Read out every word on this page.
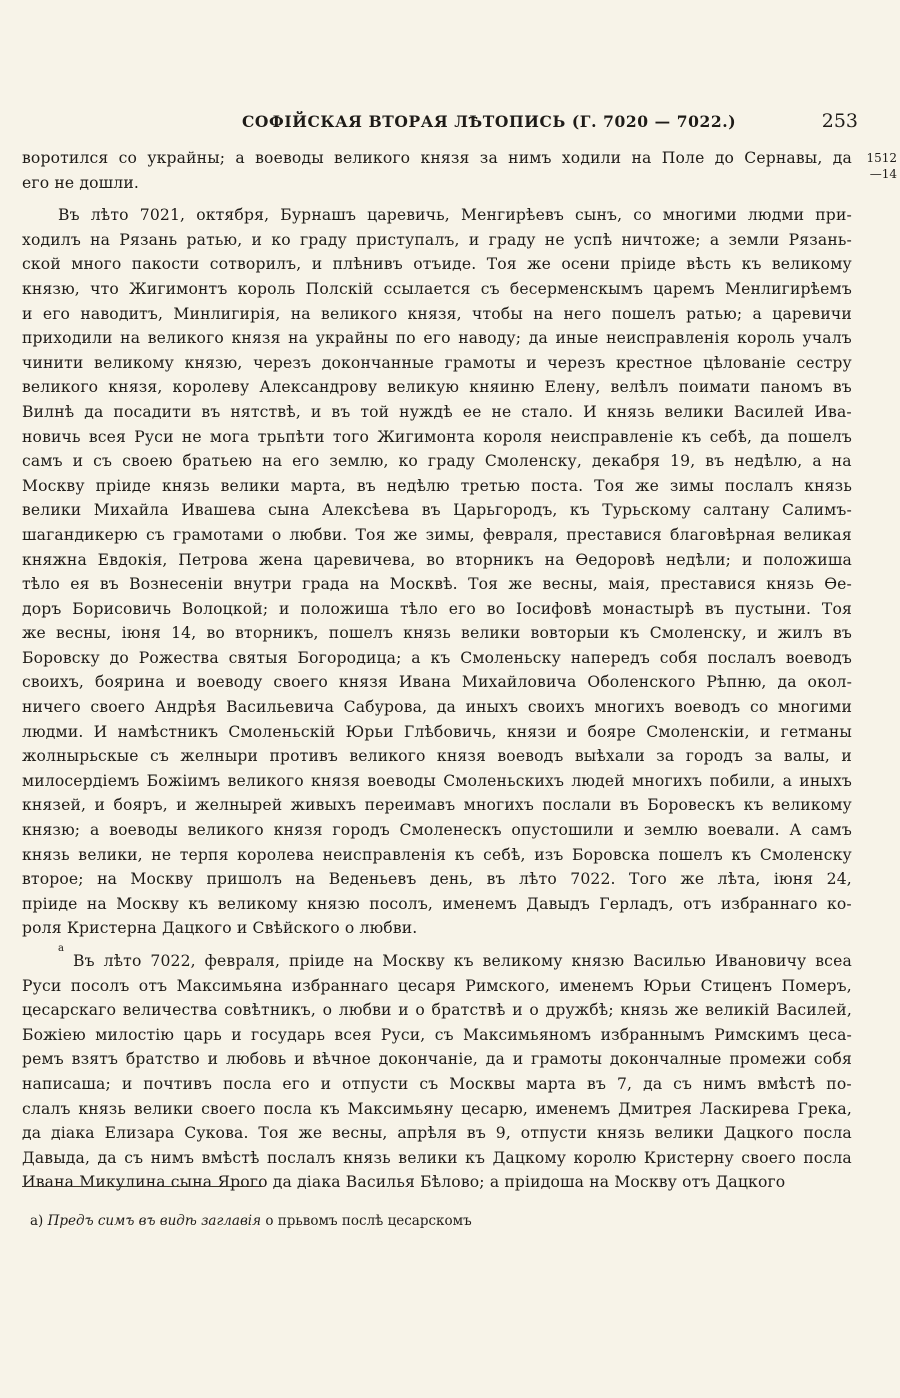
СОФІЙСКАЯ ВТОРАЯ ЛѢТОПИСЬ (Г. 7020 — 7022.)	253
1512
—14
воротился со украйны; а воеводы великого князя за нимъ ходили на Поле до Сернавы, да
его не дошли.
Въ лѣто 7021, октября, Бурнашъ царевичь, Менгирѣевъ сынъ, со многими людми при-
ходилъ на Рязань ратью, и ко граду приступалъ, и граду не успѣ ничтоже; а земли Рязань-
ской много пакости сотворилъ, и плѣнивъ отъиде. Тоя же осени пріиде вѣсть къ великому
князю, что Жигимонтъ король Полскій ссылается съ бесерменскымъ царемъ Менлигирѣемъ
и его наводитъ, Минлигирія, на великого князя, чтобы на него пошелъ ратью; а царевичи
приходили на великого князя на украйны по его наводу; да иные неисправленія король учалъ
чинити великому князю, черезъ докончанные грамоты и черезъ крестное цѣлованіе сестру
великого князя, королеву Александрову великую княиню Елену, велѣлъ поимати паномъ въ
Вилнѣ да посадити въ нятствѣ, и въ той нуждѣ ее не стало. И князь велики Василей Ива-
новичь всея Руси не мога трьпѣти того Жигимонта короля неисправленіе къ себѣ, да пошелъ
самъ и съ своею братьею на его землю, ко граду Смоленску, декабря 19, въ недѣлю, а на
Москву пріиде князь велики марта, въ недѣлю третью поста. Тоя же зимы послалъ князь
велики Михайла Ивашева сына Алексѣева въ Царьгородъ, къ Турьскому салтану Салимъ-
шагандикерю съ грамотами о любви. Тоя же зимы, февраля, преставися благовѣрная великая
княжна Евдокія, Петрова жена царевичева, во вторникъ на Ѳедоровѣ недѣли; и положиша
тѣло ея въ Вознесеніи внутри града на Москвѣ. Тоя же весны, маія, преставися князь Ѳе-
доръ Борисовичь Волоцкой; и положиша тѣло его во Іосифовѣ монастырѣ въ пустыни. Тоя
же весны, іюня 14, во вторникъ, пошелъ князь велики вовторыи къ Смоленску, и жилъ въ
Боровску до Рожества святыя Богородица; а къ Смоленьску напередъ собя послалъ воеводъ
своихъ, боярина и воеводу своего князя Ивана Михайловича Оболенского Рѣпню, да окол-
ничего своего Андрѣя Васильевича Сабурова, да иныхъ своихъ многихъ воеводъ со многими
людми. И намѣстникъ Смоленьскій Юрьи Глѣбовичь, князи и бояре Смоленскіи, и гетманы
жолнырьскые съ желныри противъ великого князя воеводъ выѣхали за городъ за валы, и
милосердіемъ Божіимъ великого князя воеводы Смоленьскихъ людей многихъ побили, а иныхъ
князей, и бояръ, и желнырей живыхъ переимавъ многихъ послали въ Боровескъ къ великому
князю; а воеводы великого князя городъ Смоленескъ опустошили и землю воевали. А самъ
князь велики, не терпя королева неисправленія къ себѣ, изъ Боровска пошелъ къ Смоленску
второе; на Москву пришолъ на Веденьевъ день, въ лѣто 7022. Того же лѣта, іюня 24,
пріиде на Москву къ великому князю посолъ, именемъ Давыдъ Герладъ, отъ избраннаго ко-
роля Кристерна Дацкого и Свѣйского о любви.
а
Въ лѣто 7022, февраля, пріиде на Москву къ великому князю Василью Ивановичу всеа
Руси посолъ отъ Максимьяна избраннаго цесаря Римского, именемъ Юрьи Стиценъ Померъ,
цесарскаго величества совѣтникъ, о любви и о братствѣ и о дружбѣ; князь же великій Василей,
Божіею милостію царь и государь всея Руси, съ Максимьяномъ избраннымъ Римскимъ цеса-
ремъ взятъ братство и любовь и вѣчное докончаніе, да и грамоты докончалные промежи собя
написаша; и почтивъ посла его и отпусти съ Москвы марта въ 7, да съ нимъ вмѣстѣ по-
слалъ князь велики своего посла къ Максимьяну цесарю, именемъ Дмитрея Ласкирева Грека,
да діака Елизара Сукова. Тоя же весны, апрѣля въ 9, отпусти князь велики Дацкого посла
Давыда, да съ нимъ вмѣстѣ послалъ князь велики къ Дацкому королю Кристерну своего посла
Ивана Микулина сына Ярого да діака Василья Бѣлово; а пріидоша на Москву отъ Дацкого
а) Предъ симъ въ видѣ заглавія о прьвомъ послѣ цесарскомъ
